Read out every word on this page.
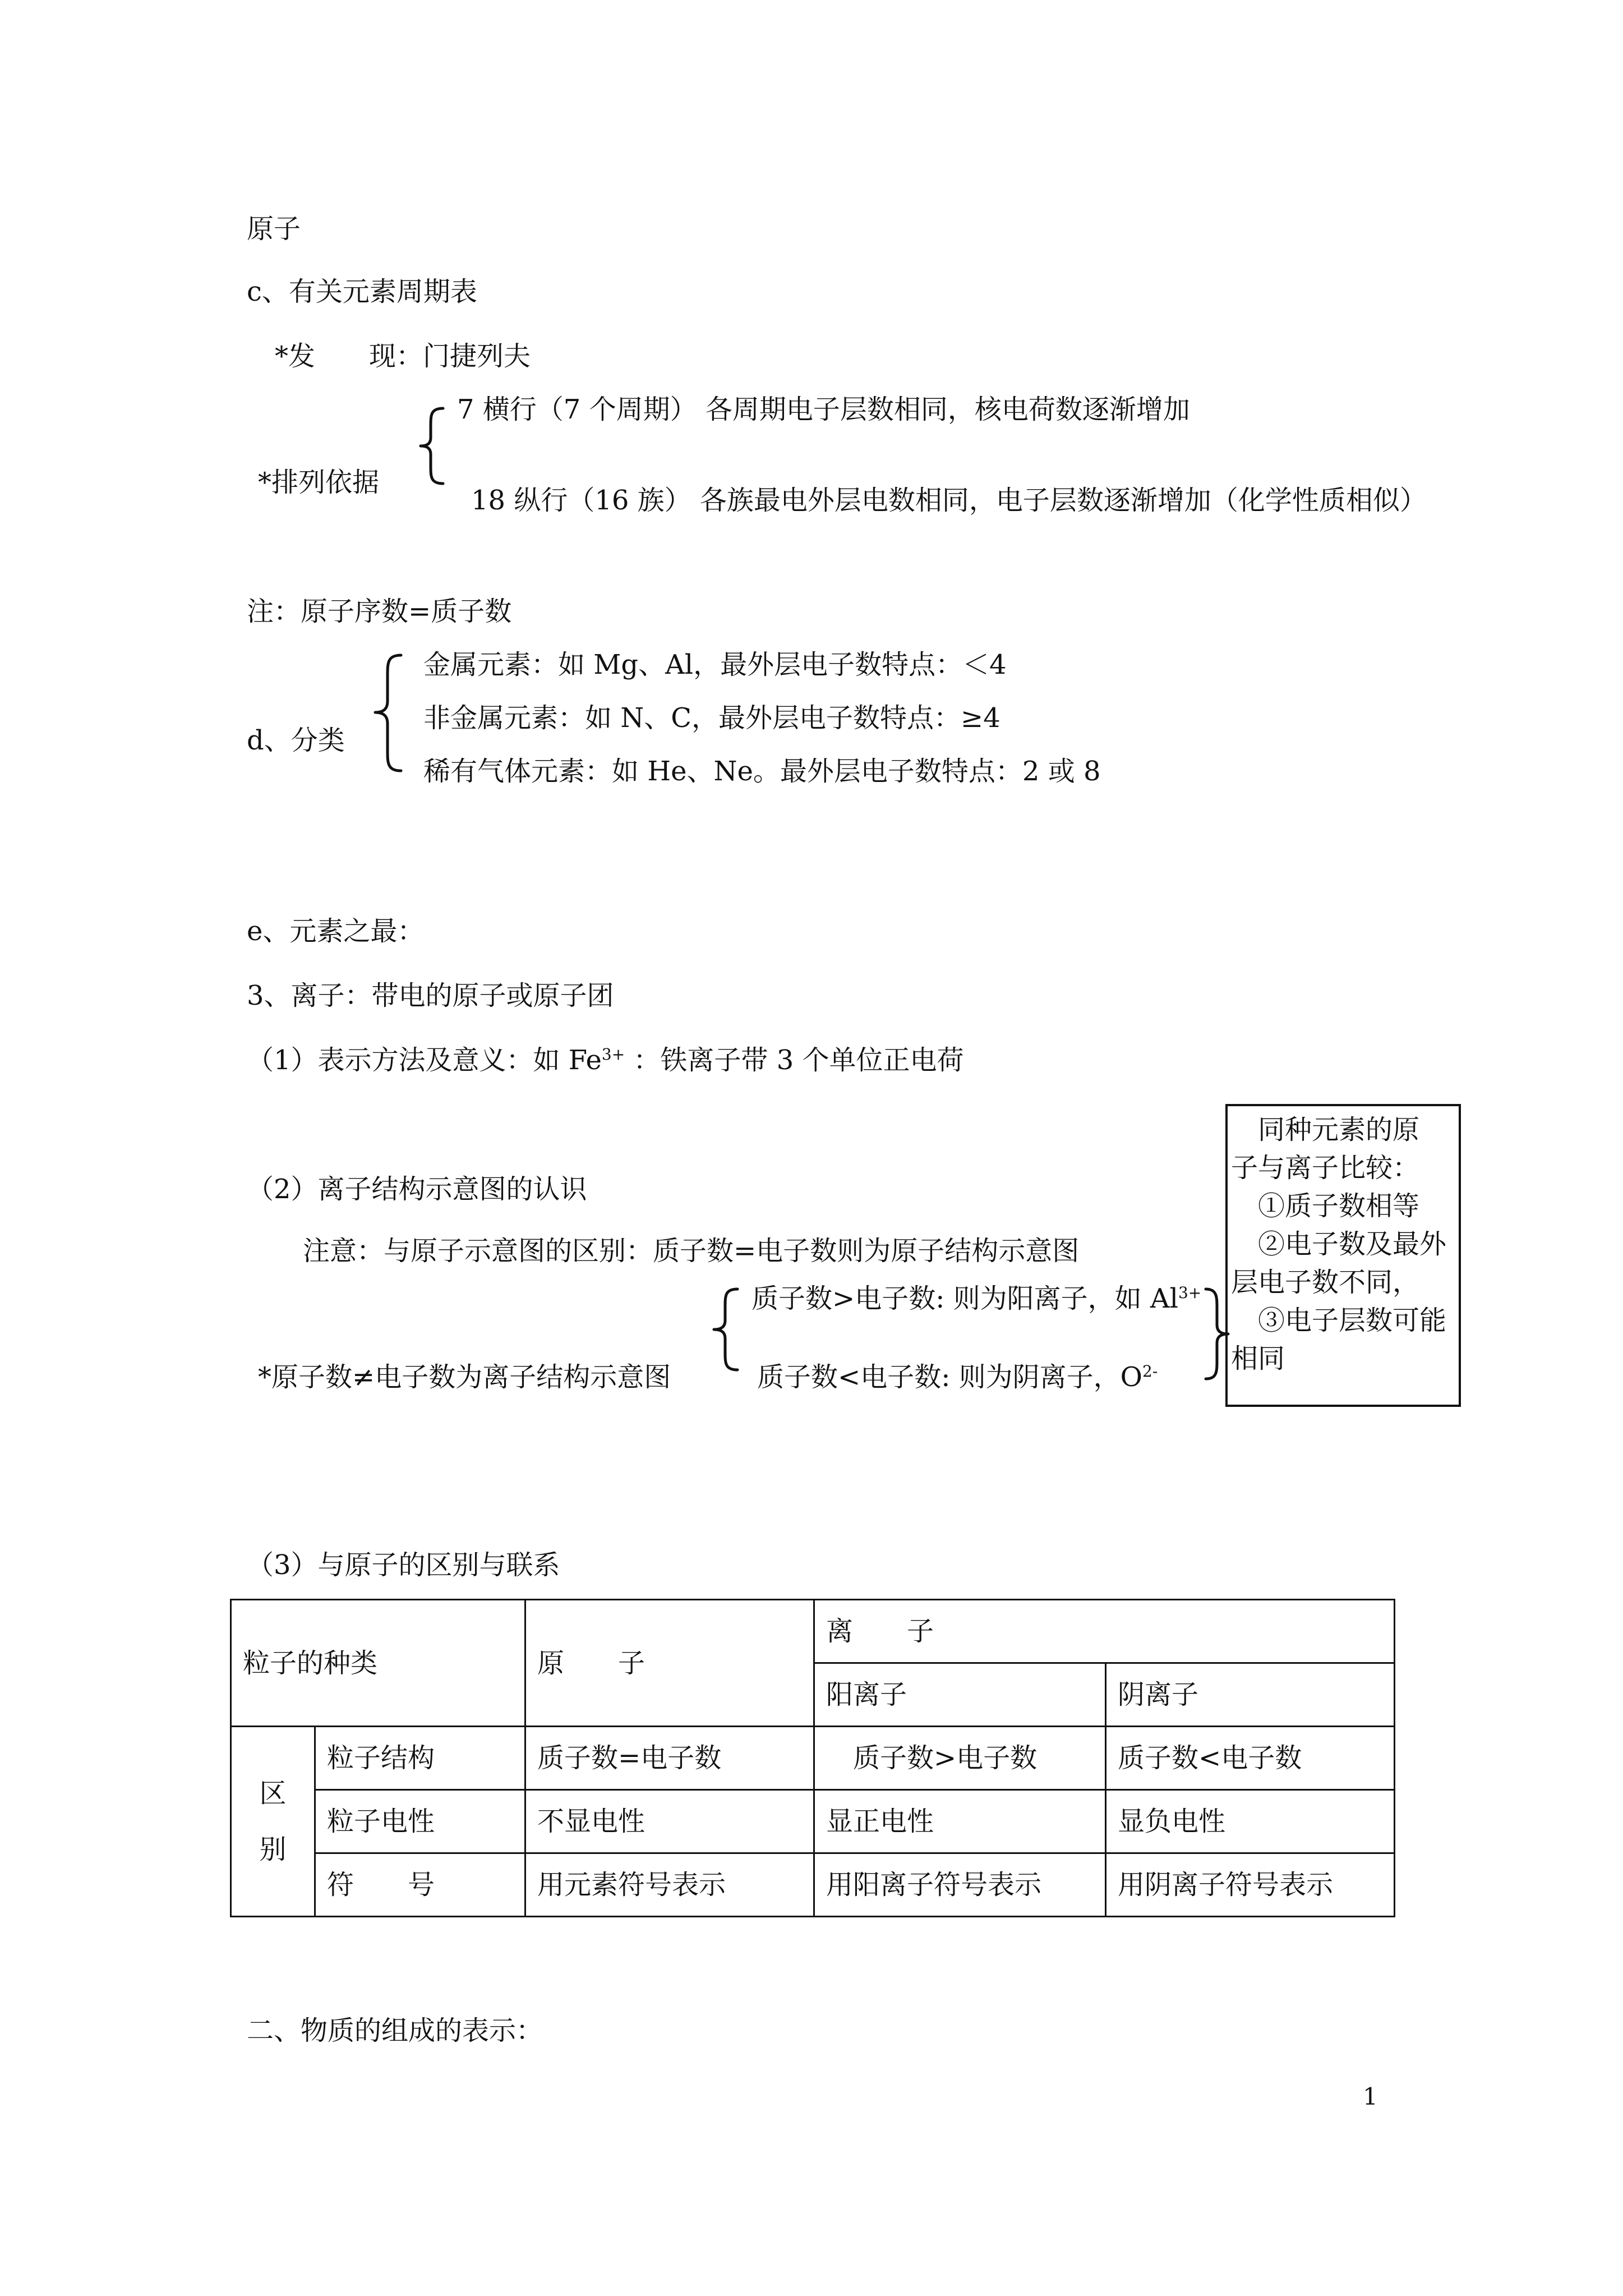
原子
c、有关元素周期表
*发　　现：门捷列夫
7 横行（7 个周期） 各周期电子层数相同，核电荷数逐渐增加
*排列依据
18 纵行（16 族） 各族最电外层电数相同，电子层数逐渐增加（化学性质相似）
注：原子序数=质子数
金属元素：如 Mg、Al，最外层电子数特点：＜4
d、分类
非金属元素：如 N、C，最外层电子数特点：≥4
稀有气体元素：如 He、Ne。最外层电子数特点：2 或 8
e、元素之最：
3、离子：带电的原子或原子团
（1）表示方法及意义：如 $Fe^{3+}$ ：铁离子带 3 个单位正电荷
（2）离子结构示意图的认识
注意：与原子示意图的区别：质子数=电子数则为原子结构示意图
质子数>电子数: 则为阳离子，如 $Al^{3+}$
*原子数≠电子数为离子结构示意图	质子数<电子数: 则为阴离子，$O^{2-}$
　同种元素的原
子与离子比较：
　①质子数相等
　②电子数及最外
层电子数不同，
　③电子层数可能
相同
（3）与原子的区别与联系
粒子的种类		原　　子	离　　子	
			阳离子	阴离子

区
别	粒子结构	质子数=电子数	　质子数>电子数	质子数<电子数
	粒子电性	不显电性	显正电性	显负电性
	符　　号	用元素符号表示	用阳离子符号表示	用阴离子符号表示
二、物质的组成的表示：
1
